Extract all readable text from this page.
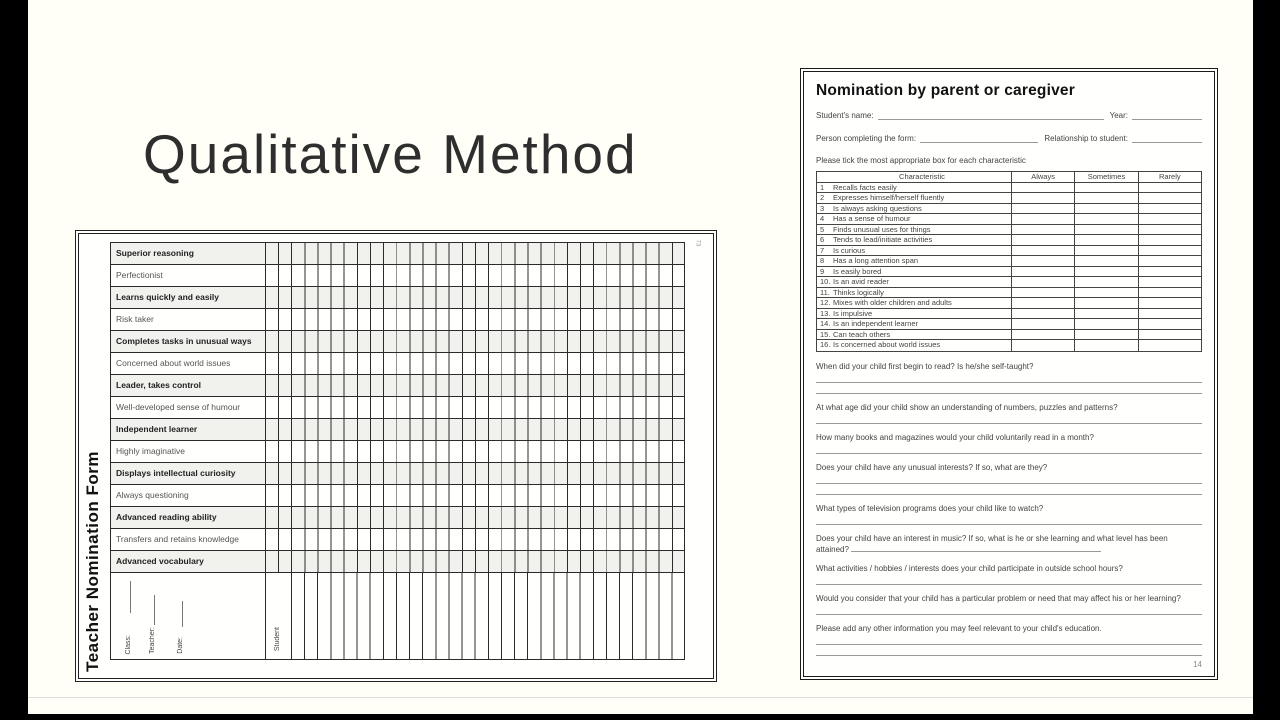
Qualitative Method
Teacher Nomination Form
73
Superior reasoning
Perfectionist
Learns quickly and easily
Risk taker
Completes tasks in unusual ways
Concerned about world issues
Leader, takes control
Well-developed sense of humour
Independent learner
Highly imaginative
Displays intellectual curiosity
Always questioning
Advanced reading ability
Transfers and retains knowledge
Advanced vocabulary
Class: Teacher:	Date:	Student
Nomination by parent or caregiver
Student's name:	Year:
Person completing the form:	Relationship to student:
Please tick the most appropriate box for each characteristic
Characteristic	Always	Sometimes	Rarely
1	Recalls facts easily
2	Expresses himself/herself fluently
3	Is always asking questions
4	Has a sense of humour
5	Finds unusual uses for things
6	Tends to lead/initiate activities
7	Is curious
8	Has a long attention span
9	Is easily bored
10. Is an avid reader
11. Thinks logically
12. Mixes with older children and adults
13. Is impulsive
14. Is an independent learner
15. Can teach others
16. Is concerned about world issues

When did your child first begin to read? Is he/she self-taught?

At what age did your child show an understanding of numbers, puzzles and patterns?

How many books and magazines would your child voluntarily read in a month?

Does your child have any unusual interests? If so, what are they?

What types of television programs does your child like to watch?

Does your child have an interest in music? If so, what is he or she learning and what level has been attained?

What activities / hobbies / interests does your child participate in outside school hours?

Would you consider that your child has a particular problem or need that may affect his or her learning?

Please add any other information you may feel relevant to your child's education.

14
